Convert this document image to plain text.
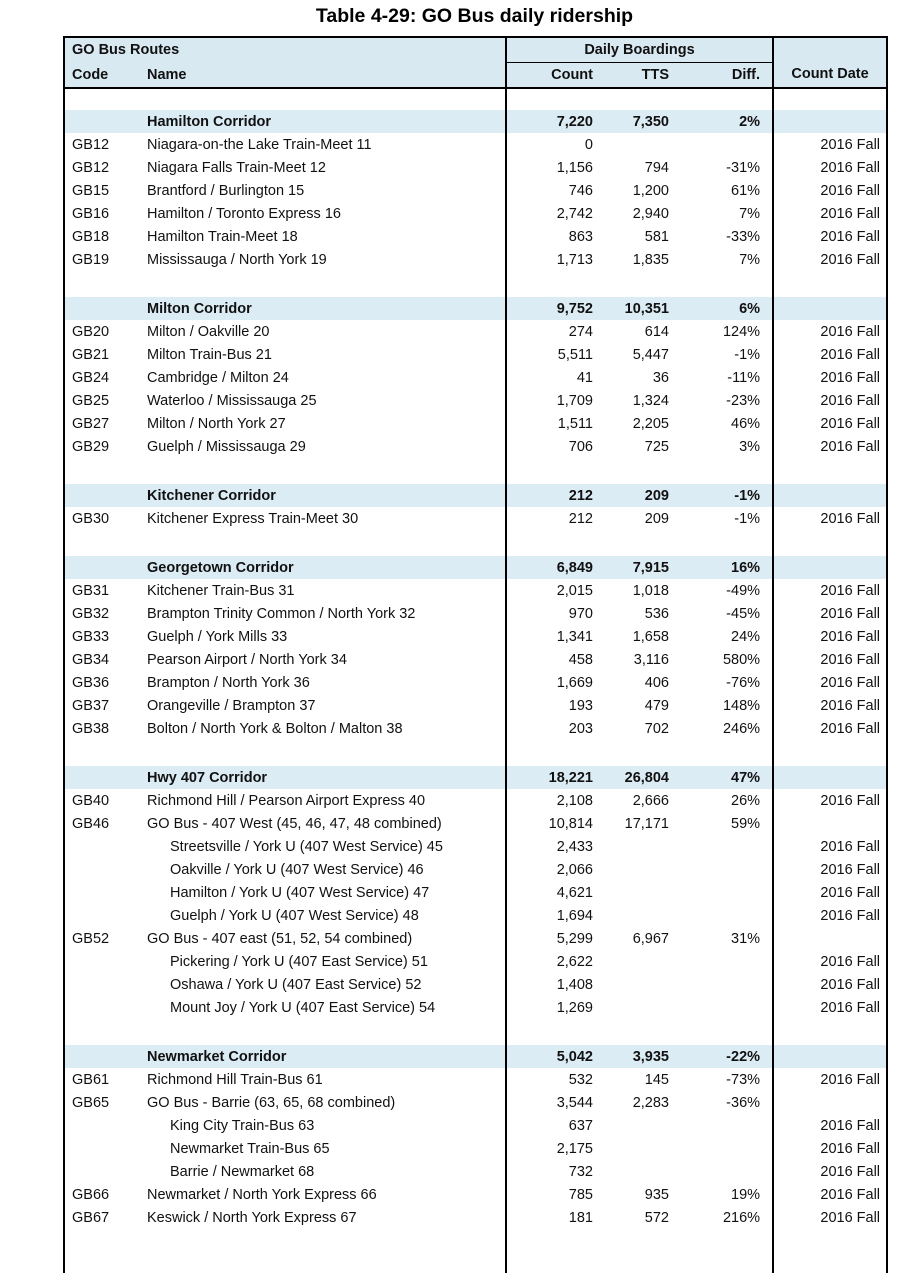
Table 4-29: GO Bus daily ridership
GO Bus Routes		Daily Boardings			Count Date
Code	Name	Count	TTS	Diff.	

	Hamilton Corridor	7,220	7,350	2%	
GB12	Niagara-on-the Lake Train-Meet 11	0			2016 Fall
GB12	Niagara Falls Train-Meet 12	1,156	794	-31%	2016 Fall
GB15	Brantford / Burlington 15	746	1,200	61%	2016 Fall
GB16	Hamilton / Toronto Express 16	2,742	2,940	7%	2016 Fall
GB18	Hamilton Train-Meet 18	863	581	-33%	2016 Fall
GB19	Mississauga / North York 19	1,713	1,835	7%	2016 Fall

	Milton Corridor	9,752	10,351	6%	
GB20	Milton / Oakville 20	274	614	124%	2016 Fall
GB21	Milton Train-Bus 21	5,511	5,447	-1%	2016 Fall
GB24	Cambridge / Milton 24	41	36	-11%	2016 Fall
GB25	Waterloo / Mississauga 25	1,709	1,324	-23%	2016 Fall
GB27	Milton / North York 27	1,511	2,205	46%	2016 Fall
GB29	Guelph / Mississauga 29	706	725	3%	2016 Fall

	Kitchener Corridor	212	209	-1%	
GB30	Kitchener Express Train-Meet 30	212	209	-1%	2016 Fall

	Georgetown Corridor	6,849	7,915	16%	
GB31	Kitchener Train-Bus 31	2,015	1,018	-49%	2016 Fall
GB32	Brampton Trinity Common / North York 32	970	536	-45%	2016 Fall
GB33	Guelph / York Mills 33	1,341	1,658	24%	2016 Fall
GB34	Pearson Airport / North York 34	458	3,116	580%	2016 Fall
GB36	Brampton / North York 36	1,669	406	-76%	2016 Fall
GB37	Orangeville / Brampton 37	193	479	148%	2016 Fall
GB38	Bolton / North York & Bolton / Malton 38	203	702	246%	2016 Fall

	Hwy 407 Corridor	18,221	26,804	47%	
GB40	Richmond Hill / Pearson Airport Express 40	2,108	2,666	26%	2016 Fall
GB46	GO Bus - 407 West (45, 46, 47, 48 combined)	10,814	17,171	59%	
	Streetsville / York U (407 West Service) 45	2,433			2016 Fall
	Oakville / York U (407 West Service) 46	2,066			2016 Fall
	Hamilton / York U (407 West Service) 47	4,621			2016 Fall
	Guelph / York U (407 West Service) 48	1,694			2016 Fall
GB52	GO Bus - 407 east (51, 52, 54 combined)	5,299	6,967	31%	
	Pickering / York U (407 East Service) 51	2,622			2016 Fall
	Oshawa / York U (407 East Service) 52	1,408			2016 Fall
	Mount Joy / York U (407 East Service) 54	1,269			2016 Fall

	Newmarket Corridor	5,042	3,935	-22%	
GB61	Richmond Hill Train-Bus 61	532	145	-73%	2016 Fall
GB65	GO Bus - Barrie (63, 65, 68 combined)	3,544	2,283	-36%	
	King City Train-Bus 63	637			2016 Fall
	Newmarket Train-Bus 65	2,175			2016 Fall
	Barrie / Newmarket 68	732			2016 Fall
GB66	Newmarket / North York Express 66	785	935	19%	2016 Fall
GB67	Keswick / North York Express 67	181	572	216%	2016 Fall
